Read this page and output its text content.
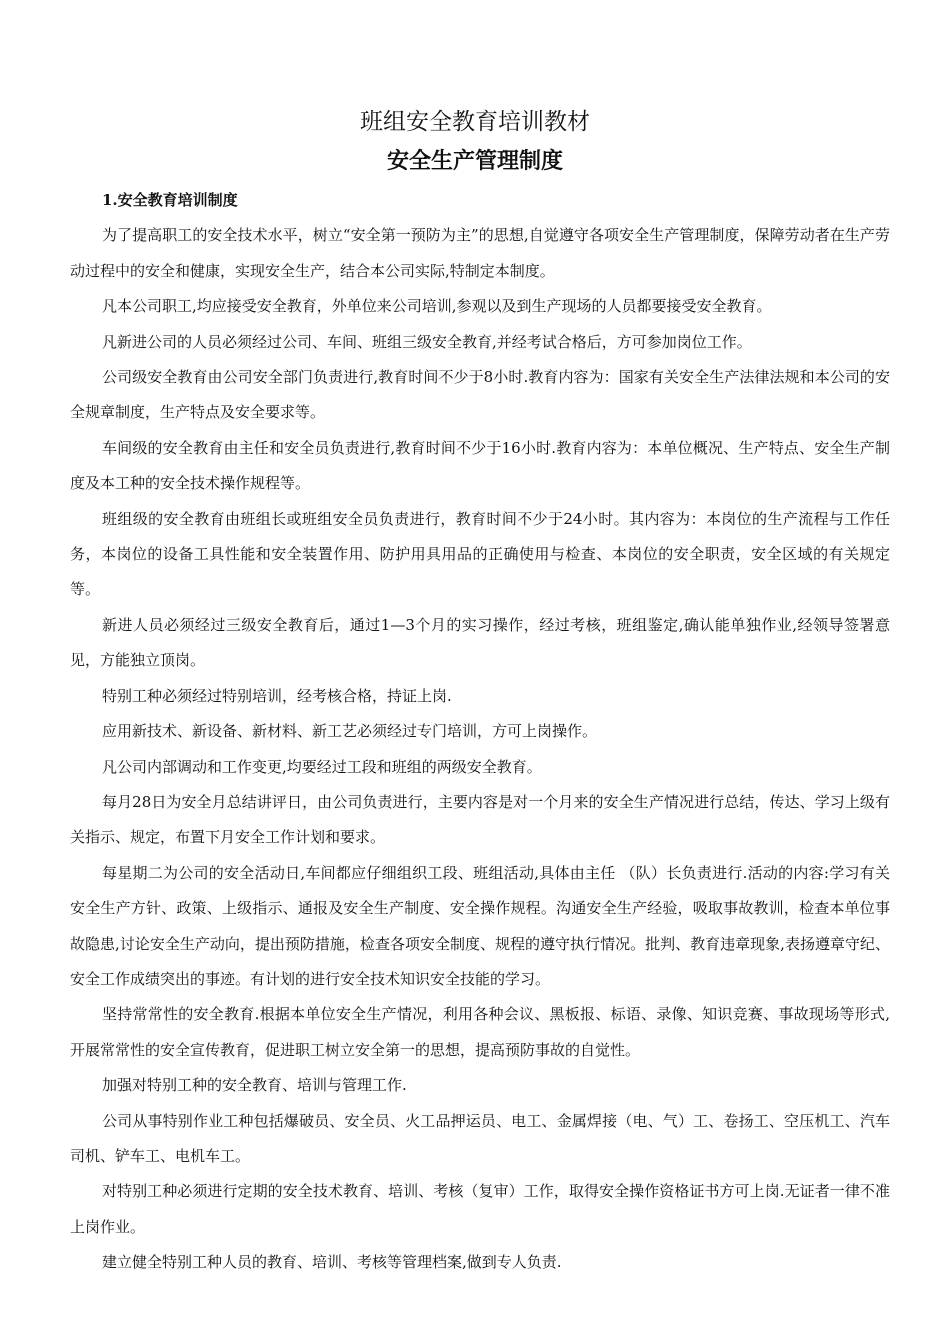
班组安全教育培训教材
安全生产管理制度
1.安全教育培训制度

为了提高职工的安全技术水平，树立“安全第一预防为主”的思想,自觉遵守各项安全生产管理制度，保障劳动者在生产劳动过程中的安全和健康，实现安全生产，结合本公司实际,特制定本制度。

凡本公司职工,均应接受安全教育，外单位来公司培训,参观以及到生产现场的人员都要接受安全教育。

凡新进公司的人员必须经过公司、车间、班组三级安全教育,并经考试合格后，方可参加岗位工作。

公司级安全教育由公司安全部门负责进行,教育时间不少于8小时.教育内容为：国家有关安全生产法律法规和本公司的安全规章制度，生产特点及安全要求等。

车间级的安全教育由主任和安全员负责进行,教育时间不少于16小时.教育内容为：本单位概况、生产特点、安全生产制度及本工种的安全技术操作规程等。

班组级的安全教育由班组长或班组安全员负责进行，教育时间不少于24小时。其内容为：本岗位的生产流程与工作任务，本岗位的设备工具性能和安全装置作用、防护用具用品的正确使用与检查、本岗位的安全职责，安全区域的有关规定等。

新进人员必须经过三级安全教育后，通过1—3个月的实习操作，经过考核，班组鉴定,确认能单独作业,经领导签署意见，方能独立顶岗。

特别工种必须经过特别培训，经考核合格，持证上岗.

应用新技术、新设备、新材料、新工艺必须经过专门培训，方可上岗操作。

凡公司内部调动和工作变更,均要经过工段和班组的两级安全教育。

每月28日为安全月总结讲评日，由公司负责进行，主要内容是对一个月来的安全生产情况进行总结，传达、学习上级有关指示、规定，布置下月安全工作计划和要求。

每星期二为公司的安全活动日,车间都应仔细组织工段、班组活动,具体由主任 （队）长负责进行.活动的内容:学习有关安全生产方针、政策、上级指示、通报及安全生产制度、安全操作规程。沟通安全生产经验，吸取事故教训，检查本单位事故隐患,讨论安全生产动向，提出预防措施，检查各项安全制度、规程的遵守执行情况。批判、教育违章现象,表扬遵章守纪、安全工作成绩突出的事迹。有计划的进行安全技术知识安全技能的学习。

坚持常常性的安全教育.根据本单位安全生产情况，利用各种会议、黑板报、标语、录像、知识竞赛、事故现场等形式,开展常常性的安全宣传教育，促进职工树立安全第一的思想，提高预防事故的自觉性。

加强对特别工种的安全教育、培训与管理工作.

公司从事特别作业工种包括爆破员、安全员、火工品押运员、电工、金属焊接（电、气）工、卷扬工、空压机工、汽车司机、铲车工、电机车工。

对特别工种必须进行定期的安全技术教育、培训、考核（复审）工作，取得安全操作资格证书方可上岗.无证者一律不准上岗作业。

建立健全特别工种人员的教育、培训、考核等管理档案,做到专人负责.
